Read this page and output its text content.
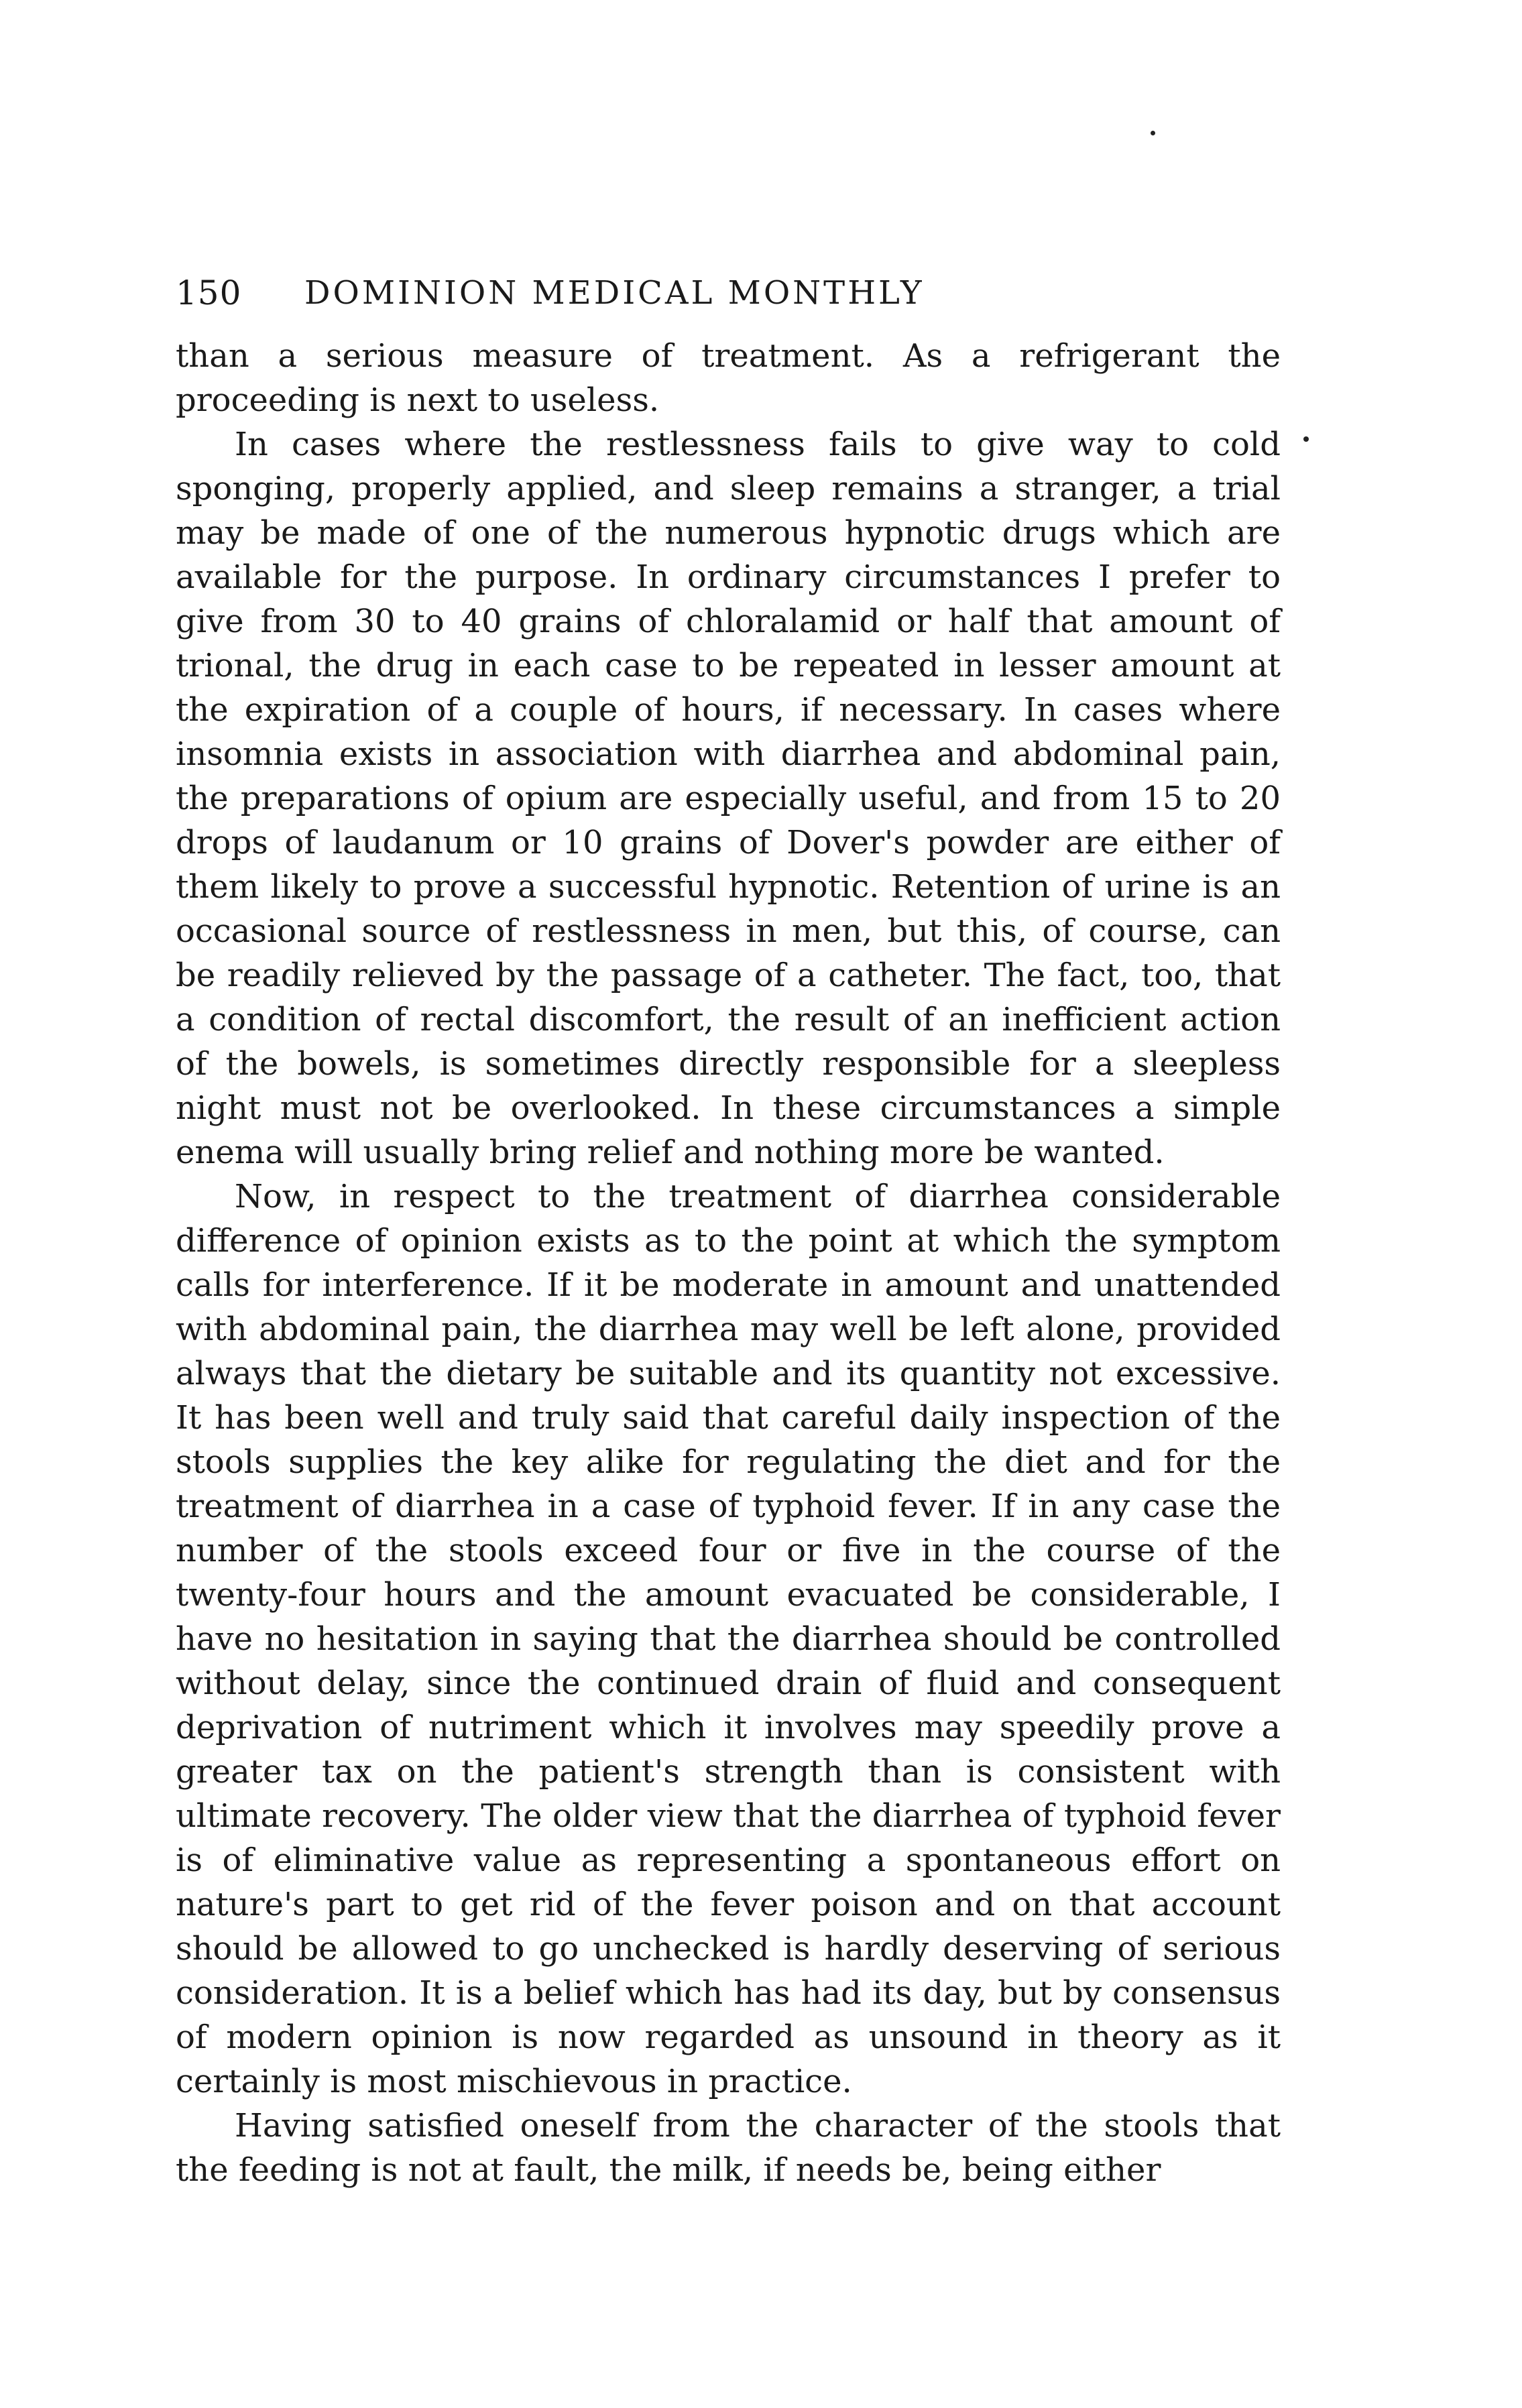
150 DOMINION MEDICAL MONTHLY

than a serious measure of treatment. As a refrigerant the proceeding is next to useless.

In cases where the restlessness fails to give way to cold sponging, properly applied, and sleep remains a stranger, a trial may be made of one of the numerous hypnotic drugs which are available for the purpose. In ordinary circumstances I prefer to give from 30 to 40 grains of chloralamid or half that amount of trional, the drug in each case to be repeated in lesser amount at the expiration of a couple of hours, if necessary. In cases where insomnia exists in association with diarrhea and abdominal pain, the preparations of opium are especially useful, and from 15 to 20 drops of laudanum or 10 grains of Dover's powder are either of them likely to prove a successful hypnotic. Retention of urine is an occasional source of restlessness in men, but this, of course, can be readily relieved by the passage of a catheter. The fact, too, that a condition of rectal discomfort, the result of an inefficient action of the bowels, is sometimes directly responsible for a sleepless night must not be overlooked. In these circumstances a simple enema will usually bring relief and nothing more be wanted.

Now, in respect to the treatment of diarrhea considerable difference of opinion exists as to the point at which the symptom calls for interference. If it be moderate in amount and unattended with abdominal pain, the diarrhea may well be left alone, provided always that the dietary be suitable and its quantity not excessive. It has been well and truly said that careful daily inspection of the stools supplies the key alike for regulating the diet and for the treatment of diarrhea in a case of typhoid fever. If in any case the number of the stools exceed four or five in the course of the twenty-four hours and the amount evacuated be considerable, I have no hesitation in saying that the diarrhea should be controlled without delay, since the continued drain of fluid and consequent deprivation of nutriment which it involves may speedily prove a greater tax on the patient's strength than is consistent with ultimate recovery. The older view that the diarrhea of typhoid fever is of eliminative value as representing a spontaneous effort on nature's part to get rid of the fever poison and on that account should be allowed to go unchecked is hardly deserving of serious consideration. It is a belief which has had its day, but by consensus of modern opinion is now regarded as unsound in theory as it certainly is most mischievous in practice.

Having satisfied oneself from the character of the stools that the feeding is not at fault, the milk, if needs be, being either
